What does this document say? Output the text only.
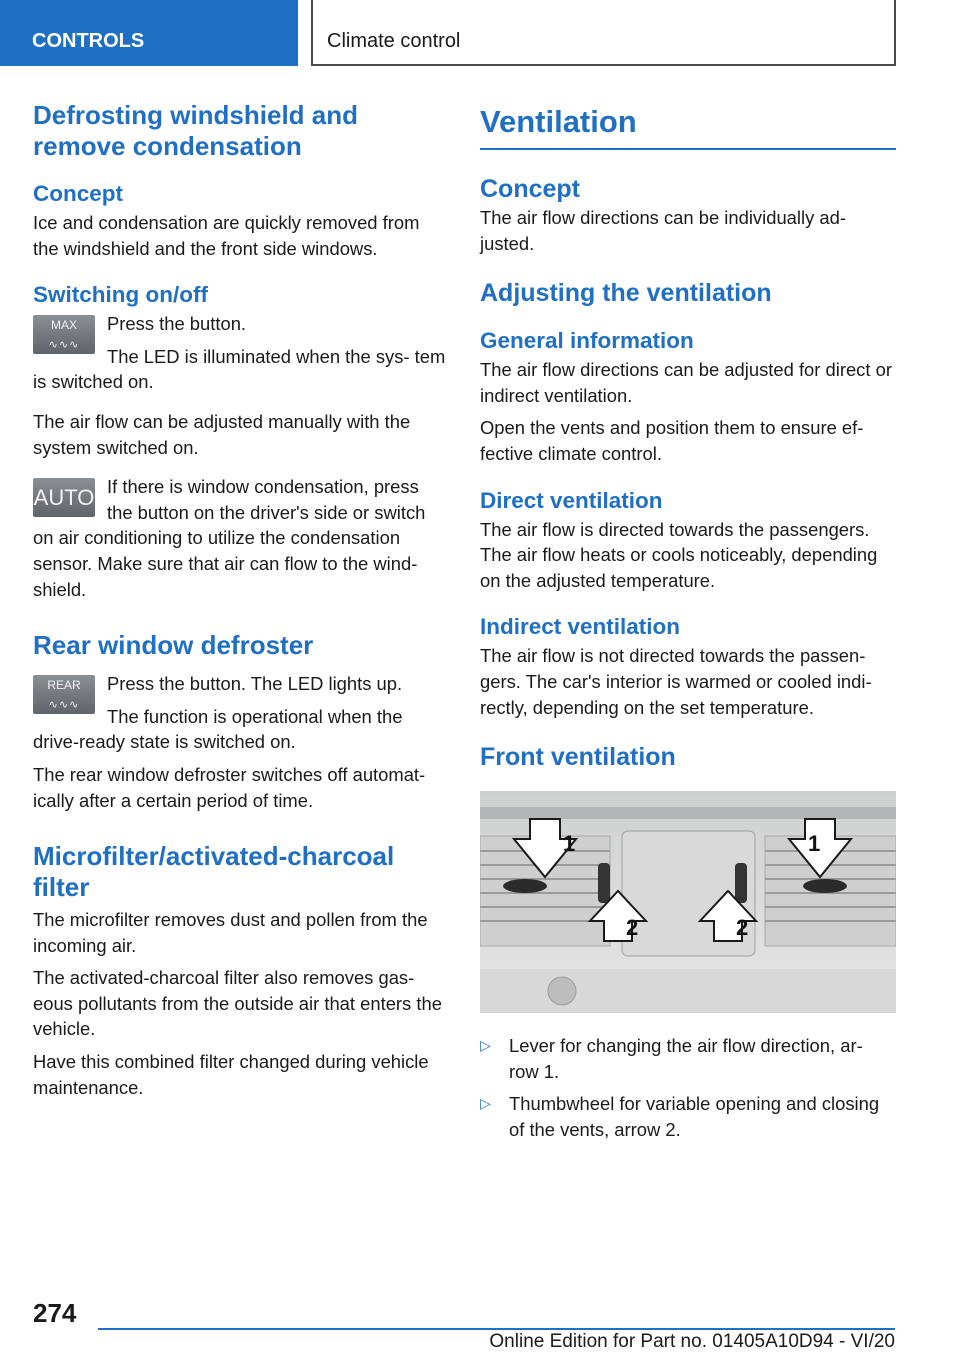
CONTROLS	Climate control
Defrosting windshield and remove condensation
Concept

Ice and condensation are quickly removed from the windshield and the front side windows.

Switching on/off
MAX
∿∿∿

Press the button.

The LED is illuminated when the sys‐ tem is switched on.

The air flow can be adjusted manually with the system switched on.

AUTO If there is window condensation, press the button on the driver's side or switch on air conditioning to utilize the condensation sensor. Make sure that air can flow to the wind‐ shield.

Rear window defroster
REAR
∿∿∿

Press the button. The LED lights up.

The function is operational when the drive-ready state is switched on.

The rear window defroster switches off automat‐ ically after a certain period of time.

Microfilter/activated-charcoal filter

The microfilter removes dust and pollen from the incoming air.

The activated-charcoal filter also removes gas‐ eous pollutants from the outside air that enters the vehicle.

Have this combined filter changed during vehicle maintenance.

Ventilation
Concept

The air flow directions can be individually ad‐ justed.

Adjusting the ventilation
General information

The air flow directions can be adjusted for direct or indirect ventilation.

Open the vents and position them to ensure ef‐ fective climate control.

Direct ventilation

The air flow is directed towards the passengers. The air flow heats or cools noticeably, depending on the adjusted temperature.

Indirect ventilation

The air flow is not directed towards the passen‐ gers. The car's interior is warmed or cooled indi‐ rectly, depending on the set temperature.

Front ventilation
1	1
2	2
▷ Lever for changing the air flow direction, ar‐ row 1.
▷ Thumbwheel for variable opening and closing of the vents, arrow 2.
274
Online Edition for Part no. 01405A10D94 - VI/20
